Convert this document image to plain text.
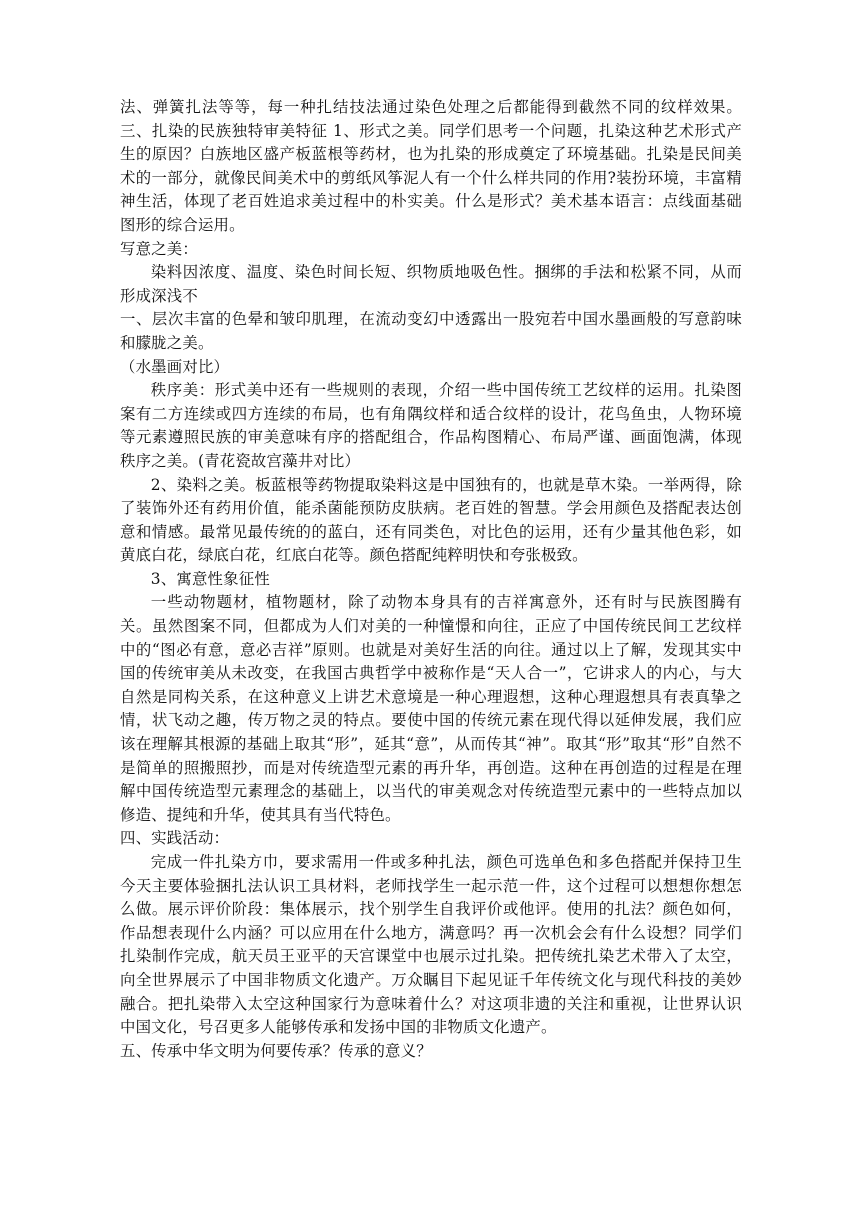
法、弹簧扎法等等，每一种扎结技法通过染色处理之后都能得到截然不同的纹样效果。三、扎染的民族独特审美特征 1、形式之美。同学们思考一个问题，扎染这种艺术形式产生的原因？白族地区盛产板蓝根等药材，也为扎染的形成奠定了环境基础。扎染是民间美术的一部分，就像民间美术中的剪纸风筝泥人有一个什么样共同的作用?装扮环境，丰富精神生活，体现了老百姓追求美过程中的朴实美。什么是形式？美术基本语言：点线面基础图形的综合运用。

写意之美：

染料因浓度、温度、染色时间长短、织物质地吸色性。捆绑的手法和松紧不同，从而形成深浅不

一、层次丰富的色晕和皱印肌理，在流动变幻中透露出一股宛若中国水墨画般的写意韵味和朦胧之美。

（水墨画对比）

秩序美：形式美中还有一些规则的表现，介绍一些中国传统工艺纹样的运用。扎染图案有二方连续或四方连续的布局，也有角隅纹样和适合纹样的设计，花鸟鱼虫，人物环境等元素遵照民族的审美意味有序的搭配组合，作品构图精心、布局严谨、画面饱满，体现秩序之美。(青花瓷故宫藻井对比）

2、染料之美。板蓝根等药物提取染料这是中国独有的，也就是草木染。一举两得，除了装饰外还有药用价值，能杀菌能预防皮肤病。老百姓的智慧。学会用颜色及搭配表达创意和情感。最常见最传统的的蓝白，还有同类色，对比色的运用，还有少量其他色彩，如黄底白花，绿底白花，红底白花等。颜色搭配纯粹明快和夸张极致。

3、寓意性象征性

一些动物题材，植物题材，除了动物本身具有的吉祥寓意外，还有时与民族图腾有关。虽然图案不同，但都成为人们对美的一种憧憬和向往，正应了中国传统民间工艺纹样中的“图必有意，意必吉祥”原则。也就是对美好生活的向往。通过以上了解，发现其实中国的传统审美从未改变，在我国古典哲学中被称作是“天人合一”，它讲求人的内心，与大自然是同构关系，在这种意义上讲艺术意境是一种心理遐想，这种心理遐想具有表真挚之情，状飞动之趣，传万物之灵的特点。要使中国的传统元素在现代得以延伸发展，我们应该在理解其根源的基础上取其“形”，延其“意”，从而传其“神”。取其“形”取其“形”自然不是简单的照搬照抄，而是对传统造型元素的再升华，再创造。这种在再创造的过程是在理解中国传统造型元素理念的基础上，以当代的审美观念对传统造型元素中的一些特点加以修造、提纯和升华，使其具有当代特色。

四、实践活动：

完成一件扎染方巾，要求需用一件或多种扎法，颜色可选单色和多色搭配并保持卫生今天主要体验捆扎法认识工具材料，老师找学生一起示范一件，这个过程可以想想你想怎么做。展示评价阶段：集体展示，找个别学生自我评价或他评。使用的扎法？颜色如何，作品想表现什么内涵？可以应用在什么地方，满意吗？再一次机会会有什么设想？同学们扎染制作完成，航天员王亚平的天宫课堂中也展示过扎染。把传统扎染艺术带入了太空，向全世界展示了中国非物质文化遗产。万众瞩目下起见证千年传统文化与现代科技的美妙融合。把扎染带入太空这种国家行为意味着什么？对这项非遗的关注和重视，让世界认识中国文化，号召更多人能够传承和发扬中国的非物质文化遗产。

五、传承中华文明为何要传承？传承的意义？
